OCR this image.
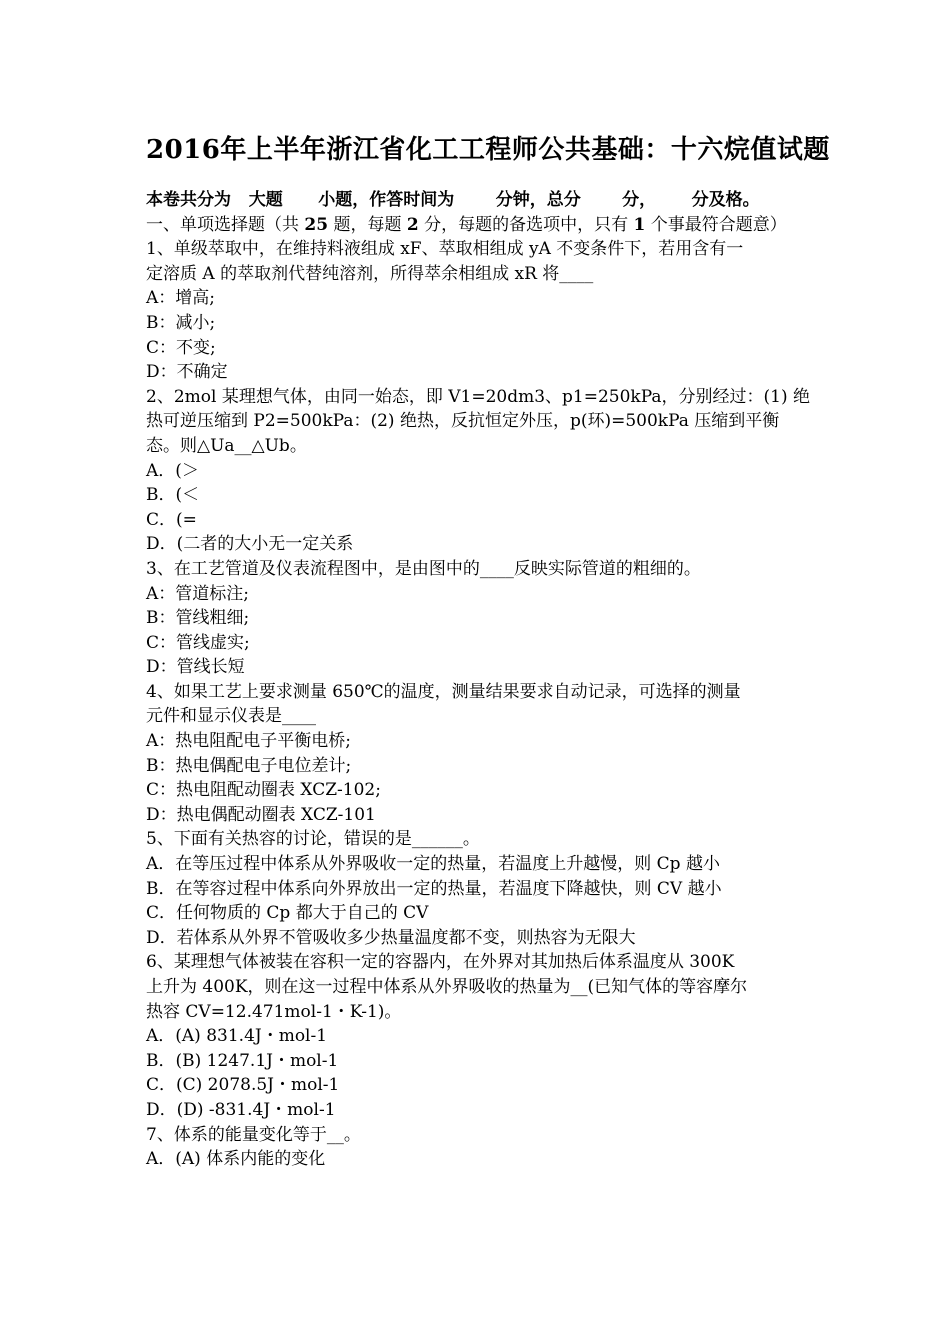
2016年上半年浙江省化工工程师公共基础：十六烷值试题
本卷共分为   大题      小题，作答时间为       分钟，总分       分，      分及格。
一、单项选择题（共 25 题，每题 2 分，每题的备选项中，只有 1 个事最符合题意）
1、单级萃取中，在维持料液组成 xF、萃取相组成 yA 不变条件下，若用含有一
定溶质 A 的萃取剂代替纯溶剂，所得萃余相组成 xR 将____
A：增高;
B：减小;
C：不变;
D：不确定
2、2mol 某理想气体，由同一始态，即 V1=20dm3、p1=250kPa，分别经过：(1) 绝
热可逆压缩到 P2=500kPa：(2) 绝热，反抗恒定外压，p(环)=500kPa 压缩到平衡
态。则△Ua__△Ub。
A．(＞
B．(＜
C．(=
D．(二者的大小无一定关系
3、在工艺管道及仪表流程图中，是由图中的____反映实际管道的粗细的。
A：管道标注;
B：管线粗细;
C：管线虚实;
D：管线长短
4、如果工艺上要求测量 650℃的温度，测量结果要求自动记录，可选择的测量
元件和显示仪表是____
A：热电阻配电子平衡电桥;
B：热电偶配电子电位差计;
C：热电阻配动圈表 XCZ-102;
D：热电偶配动圈表 XCZ-101
5、下面有关热容的讨论，错误的是______。
A．在等压过程中体系从外界吸收一定的热量，若温度上升越慢，则 Cp 越小
B．在等容过程中体系向外界放出一定的热量，若温度下降越快，则 CV 越小
C．任何物质的 Cp 都大于自己的 CV
D．若体系从外界不管吸收多少热量温度都不变，则热容为无限大
6、某理想气体被装在容积一定的容器内，在外界对其加热后体系温度从 300K
上升为 400K，则在这一过程中体系从外界吸收的热量为__(已知气体的等容摩尔
热容 CV=12.471mol-1・K-1)。
A．(A) 831.4J・mol-1
B．(B) 1247.1J・mol-1
C．(C) 2078.5J・mol-1
D．(D) -831.4J・mol-1
7、体系的能量变化等于__。
A．(A) 体系内能的变化
